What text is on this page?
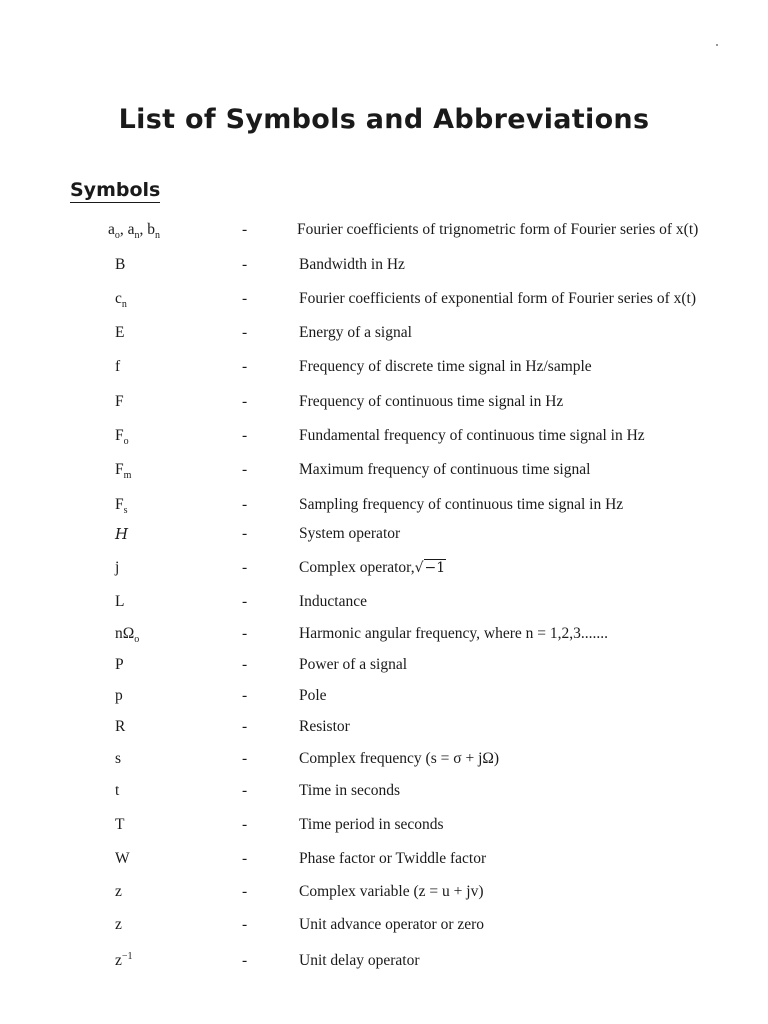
List of Symbols and Abbreviations
Symbols
$a_o$, $a_n$, $b_n$	-	Fourier coefficients of trignometric form of Fourier series of x(t)
B	-	Bandwidth in Hz
$c_n$	-	Fourier coefficients of exponential form of Fourier series of x(t)
E	-	Energy of a signal
f	-	Frequency of discrete time signal in Hz/sample
F	-	Frequency of continuous time signal in Hz
$F_o$	-	Fundamental frequency of continuous time signal in Hz
$F_m$	-	Maximum frequency of continuous time signal
$F_s$	-	Sampling frequency of continuous time signal in Hz
H	-	System operator
j	-	Complex operator,√−1
L	-	Inductance
$n\Omega_o$	-	Harmonic angular frequency, where n = 1,2,3.......
P	-	Power of a signal
p	-	Pole
R	-	Resistor
s	-	Complex frequency (s = σ + jΩ)
t	-	Time in seconds
T	-	Time period in seconds
W	-	Phase factor or Twiddle factor
z	-	Complex variable (z = u + jv)
z	-	Unit advance operator or zero
$z^{-1}$	-	Unit delay operator
